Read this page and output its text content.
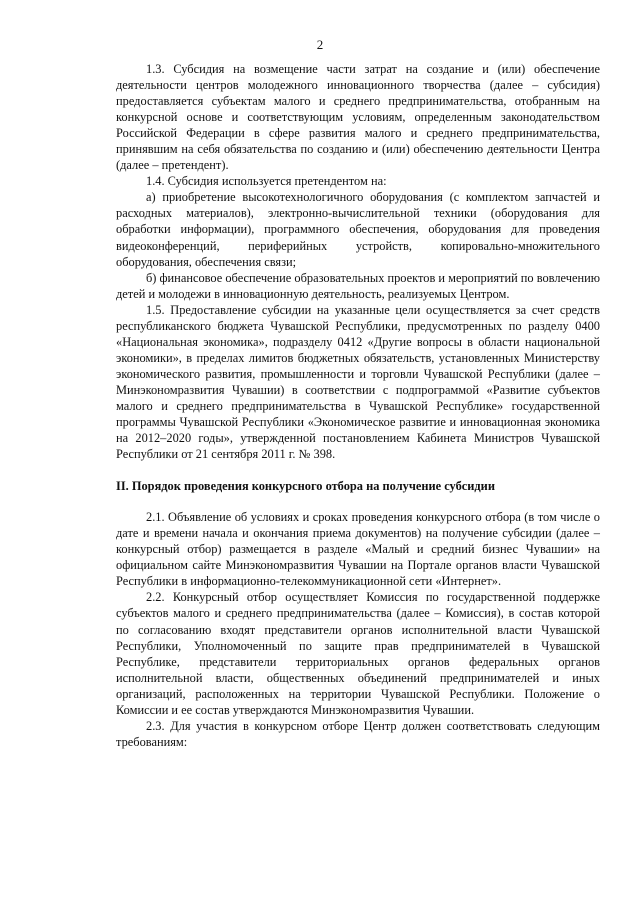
2

1.3. Субсидия на возмещение части затрат на создание и (или) обеспечение деятельности центров молодежного инновационного творчества (далее – субсидия) предоставляется субъектам малого и среднего предпринимательства, отобранным на конкурсной основе и соответствующим условиям, определенным законодательством Российской Федерации в сфере развития малого и среднего предпринимательства, принявшим на себя обязательства по созданию и (или) обеспечению деятельности Центра (далее – претендент).

1.4. Субсидия используется претендентом на:

а) приобретение высокотехнологичного оборудования (с комплектом запчастей и расходных материалов), электронно-вычислительной техники (оборудования для обработки информации), программного обеспечения, оборудования для проведения видеоконференций, периферийных устройств, копировально-множительного оборудования, обеспечения связи;

б) финансовое обеспечение образовательных проектов и мероприятий по вовлечению детей и молодежи в инновационную деятельность, реализуемых Центром.

1.5. Предоставление субсидии на указанные цели осуществляется за счет средств республиканского бюджета Чувашской Республики, предусмотренных по разделу 0400 «Национальная экономика», подразделу 0412 «Другие вопросы в области национальной экономики», в пределах лимитов бюджетных обязательств, установленных Министерству экономического развития, промышленности и торговли Чувашской Республики (далее – Минэкономразвития Чувашии) в соответствии с подпрограммой «Развитие субъектов малого и среднего предпринимательства в Чувашской Республике» государственной программы Чувашской Республики «Экономическое развитие и инновационная экономика на 2012–2020 годы», утвержденной постановлением Кабинета Министров Чувашской Республики от 21 сентября 2011 г. № 398.

II. Порядок проведения конкурсного отбора на получение субсидии

2.1. Объявление об условиях и сроках проведения конкурсного отбора (в том числе о дате и времени начала и окончания приема документов) на получение субсидии (далее – конкурсный отбор) размещается в разделе «Малый и средний бизнес Чувашии» на официальном сайте Минэкономразвития Чувашии на Портале органов власти Чувашской Республики в информационно-телекоммуникационной сети «Интернет».

2.2. Конкурсный отбор осуществляет Комиссия по государственной поддержке субъектов малого и среднего предпринимательства (далее – Комиссия), в состав которой по согласованию входят представители органов исполнительной власти Чувашской Республики, Уполномоченный по защите прав предпринимателей в Чувашской Республике, представители территориальных органов федеральных органов исполнительной власти, общественных объединений предпринимателей и иных организаций, расположенных на территории Чувашской Республики. Положение о Комиссии и ее состав утверждаются Минэкономразвития Чувашии.

2.3. Для участия в конкурсном отборе Центр должен соответствовать следующим требованиям:
